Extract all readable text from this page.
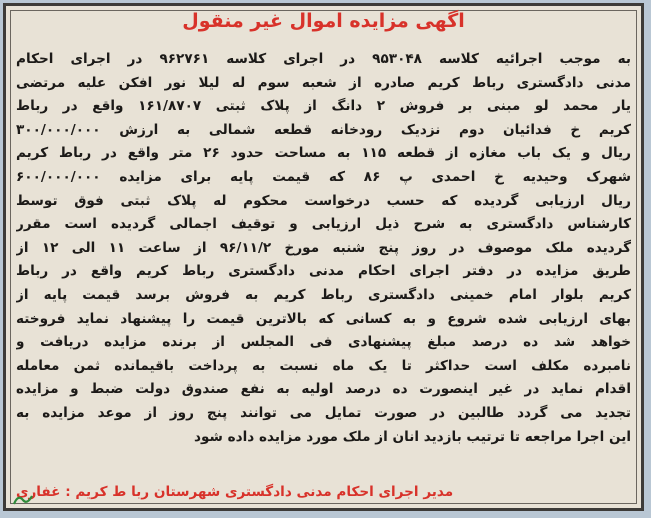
اگهی مزایده اموال غیر منقول
به موجب اجرائیه کلاسه ۹۵۳۰۴۸ در اجرای کلاسه ۹۶۲۷۶۱ در اجرای احکام
مدنی دادگستری رباط کریم صادره از شعبه سوم له لیلا نور افکن علیه مرتضی
یار محمد لو مبنی بر فروش ۲ دانگ از پلاک ثبتی ۱۶۱/۸۷۰۷ واقع در رباط
کریم خ فدائیان دوم نزدیک رودخانه قطعه شمالی به ارزش ۳۰۰/۰۰۰/۰۰۰
ریال و یک باب مغازه از قطعه ۱۱۵ به مساحت حدود ۲۶ متر واقع در رباط کریم
شهرک وحیدیه خ احمدی پ ۸۶ که قیمت پایه برای مزایده ۶۰۰/۰۰۰/۰۰۰
ریال ارزیابی گردیده که حسب درخواست محکوم له پلاک ثبتی فوق توسط
کارشناس دادگستری به شرح ذیل ارزیابی و توقیف اجمالی گردیده است مقرر
گردیده ملک موصوف در روز پنج شنبه مورخ ۹۶/۱۱/۲ از ساعت ۱۱ الی ۱۲ از
طریق مزایده در دفتر اجرای احکام مدنی دادگستری رباط کریم واقع در رباط
کریم بلوار امام خمینی دادگستری رباط کریم به فروش برسد قیمت پایه از
بهای ارزیابی شده شروع و به کسانی که بالاترین قیمت را پیشنهاد نماید فروخته
خواهد شد ده درصد مبلغ پیشنهادی فی المجلس از برنده مزایده دریافت و
نامبرده مکلف است حداکثر تا یک ماه نسبت به پرداخت باقیمانده ثمن معامله
اقدام نماید در غیر اینصورت ده درصد اولیه به نفع صندوق دولت ضبط و مزایده
تجدید می گردد طالبین در صورت تمایل می توانند پنج روز از موعد مزایده به
این اجرا مراجعه تا ترتیب بازدید انان از ملک مورد مزایده داده شود
مدیر اجرای احکام مدنی دادگستری شهرستان ربا ط کریم : غفاری
